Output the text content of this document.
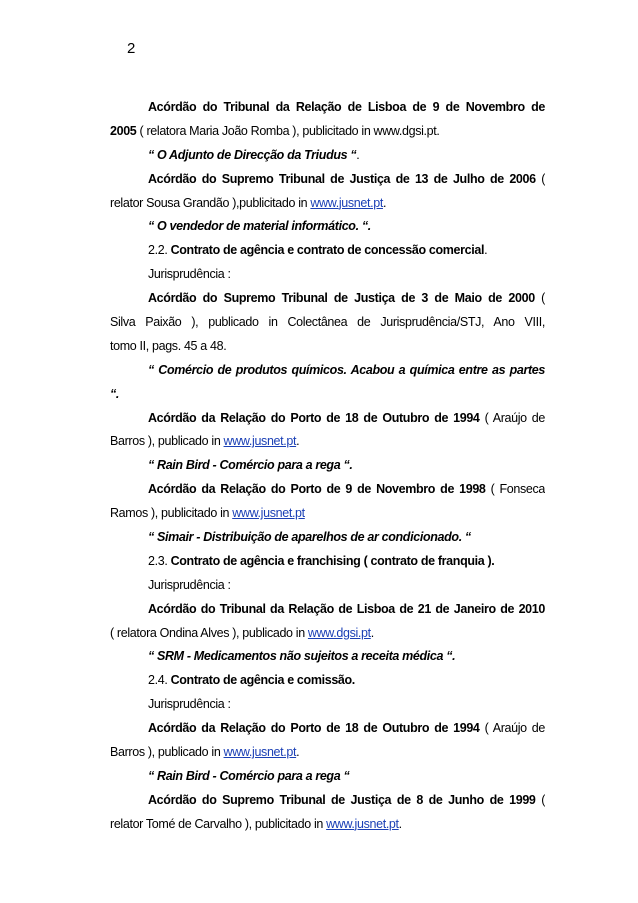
2
Acórdão do Tribunal da Relação de Lisboa de 9 de Novembro de
2005 ( relatora Maria João Romba ), publicitado in www.dgsi.pt.
“ O Adjunto de Direcção da Triudus “.
Acórdão do Supremo Tribunal de Justiça de 13 de Julho de 2006 (
relator Sousa Grandão ),publicitado in www.jusnet.pt.
“ O vendedor de material informático. “.
2.2. Contrato de agência e contrato de concessão comercial.
Jurisprudência :
Acórdão do Supremo Tribunal de Justiça de 3 de Maio de 2000 (
Silva Paixão ), publicado in Colectânea de Jurisprudência/STJ, Ano VIII,
tomo II, pags. 45 a 48.
“ Comércio de produtos químicos. Acabou a química entre as partes
“.
Acórdão da Relação do Porto de 18 de Outubro de 1994 ( Araújo de
Barros ), publicado in www.jusnet.pt.
“ Rain Bird - Comércio para a rega “.
Acórdão da Relação do Porto de 9 de Novembro de 1998 ( Fonseca
Ramos ), publicitado in www.jusnet.pt
“ Simair - Distribuição de aparelhos de ar condicionado. “
2.3. Contrato de agência e franchising ( contrato de franquia ).
Jurisprudência :
Acórdão do Tribunal da Relação de Lisboa de 21 de Janeiro de 2010
( relatora Ondina Alves ), publicado in www.dgsi.pt.
“ SRM - Medicamentos não sujeitos a receita médica “.
2.4. Contrato de agência e comissão.
Jurisprudência :
Acórdão da Relação do Porto de 18 de Outubro de 1994 ( Araújo de
Barros ), publicado in www.jusnet.pt.
“ Rain Bird - Comércio para a rega “
Acórdão do Supremo Tribunal de Justiça de 8 de Junho de 1999 (
relator Tomé de Carvalho ), publicitado in www.jusnet.pt.
